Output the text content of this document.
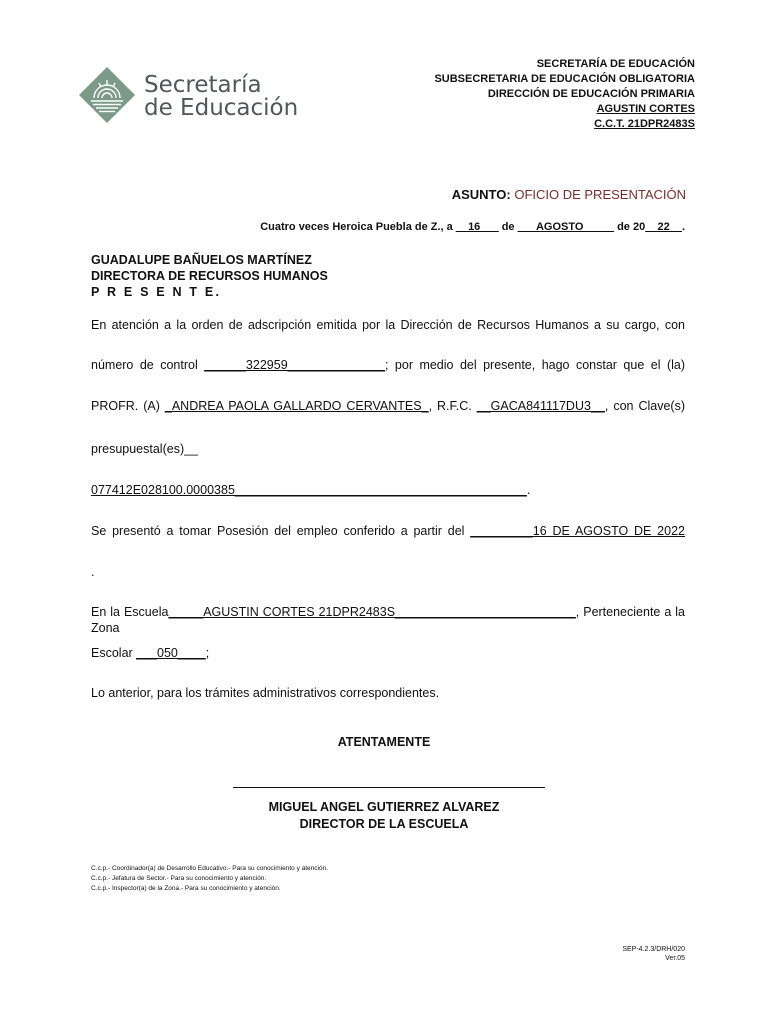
Secretaría
de Educación
SECRETARÍA DE EDUCACIÓN
SUBSECRETARIA DE EDUCACIÓN OBLIGATORIA
DIRECCIÓN DE EDUCACIÓN PRIMARIA
AGUSTIN CORTES
C.C.T. 21DPR2483S
ASUNTO: OFICIO DE PRESENTACIÓN
Cuatro veces Heroica Puebla de Z., a __16___ de ___AGOSTO_____ de 20__22__.
GUADALUPE BAÑUELOS MARTÍNEZ
DIRECTORA DE RECURSOS HUMANOS
P R E S E N T E.
En atención a la orden de adscripción emitida por la Dirección de Recursos Humanos a su cargo, con
número de control ______322959______________; por medio del presente, hago constar que el (la)
PROFR. (A) _ANDREA PAOLA GALLARDO CERVANTES_, R.F.C. __GACA841117DU3__, con Clave(s)
presupuestal(es)__
077412E028100.0000385__________________________________________.
Se presentó a tomar Posesión del empleo conferido a partir del _________16 DE AGOSTO DE 2022
.
En la Escuela_____AGUSTIN CORTES 21DPR2483S__________________________, Perteneciente a la Zona
Escolar ___050____;
Lo anterior, para los trámites administrativos correspondientes.
ATENTAMENTE
MIGUEL ANGEL GUTIERREZ ALVAREZ
DIRECTOR DE LA ESCUELA
C.c.p.- Coordinador(a) de Desarrollo Educativo.- Para su conocimiento y atención.
C.c.p.- Jefatura de Sector.- Para su conocimiento y atención.
C.c.p.- Inspector(a) de la Zona.- Para su conocimiento y atención.
SEP-4.2.3/DRH/020
Ver.05
